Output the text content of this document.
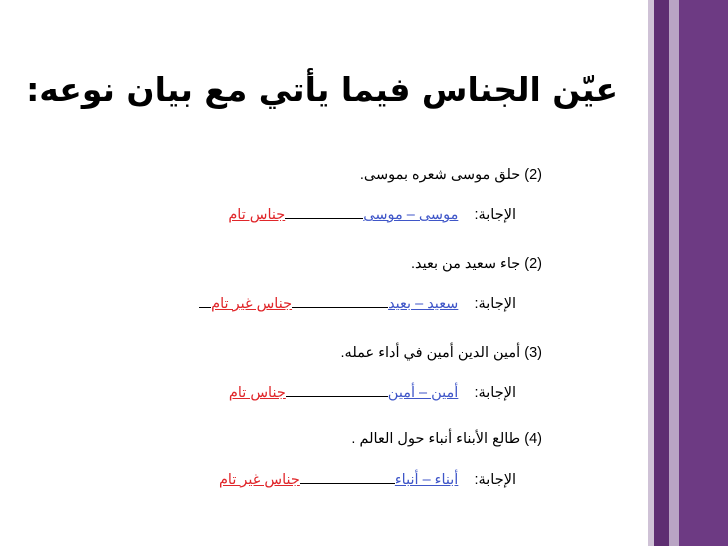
عيّن الجناس فيما يأتي مع بيان نوعه:
(2) حلق موسى شعره بموسى.
الإجابة:    موسى – موسىجناس تام
(2) جاء سعيد من بعيد.
الإجابة:    سعيد – بعيدجناس غير تام
(3) أمين الدين أمين في أداء عمله.
الإجابة:    أمين – أمينجناس تام
(4) طالع الأبناء أنباء حول العالم .
الإجابة:    أبناء – أنباءجناس غير تام
